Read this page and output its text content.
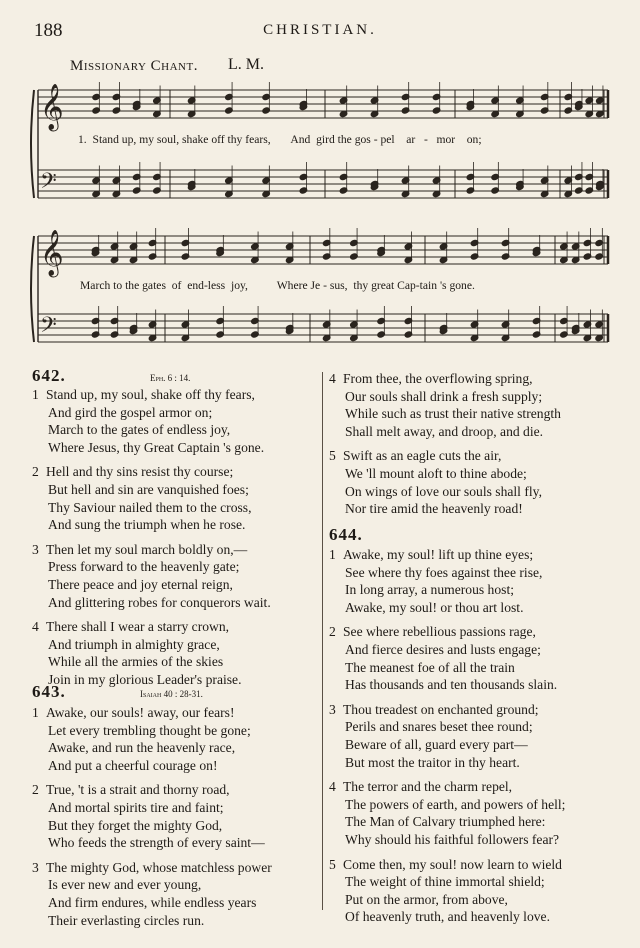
188	CHRISTIAN.
Missionary Chant. L. M.
𝄞
𝄢
𝄞
𝄢
1.  Stand up, my soul, shake off thy fears,       And  gird the gos - pel    ar   -   mor    on;
March to the gates  of  end-less  joy,          Where Je - sus,  thy great Cap-tain 's gone.
642.	Eph. 6 : 14.
1 Stand up, my soul, shake off thy fears,
And gird the gospel armor on;
March to the gates of endless joy,
Where Jesus, thy Great Captain 's gone.
2 Hell and thy sins resist thy course;
But hell and sin are vanquished foes;
Thy Saviour nailed them to the cross,
And sung the triumph when he rose.
3 Then let my soul march boldly on,—
Press forward to the heavenly gate;
There peace and joy eternal reign,
And glittering robes for conquerors wait.
4 There shall I wear a starry crown,
And triumph in almighty grace,
While all the armies of the skies
Join in my glorious Leader's praise.
643.	Isaiah 40 : 28-31.
1 Awake, our souls! away, our fears!
Let every trembling thought be gone;
Awake, and run the heavenly race,
And put a cheerful courage on!
2 True, 't is a strait and thorny road,
And mortal spirits tire and faint;
But they forget the mighty God,
Who feeds the strength of every saint—
3 The mighty God, whose matchless power
Is ever new and ever young,
And firm endures, while endless years
Their everlasting circles run.
4 From thee, the overflowing spring,
Our souls shall drink a fresh supply;
While such as trust their native strength
Shall melt away, and droop, and die.
5 Swift as an eagle cuts the air,
We 'll mount aloft to thine abode;
On wings of love our souls shall fly,
Nor tire amid the heavenly road!
644.
1 Awake, my soul! lift up thine eyes;
See where thy foes against thee rise,
In long array, a numerous host;
Awake, my soul! or thou art lost.
2 See where rebellious passions rage,
And fierce desires and lusts engage;
The meanest foe of all the train
Has thousands and ten thousands slain.
3 Thou treadest on enchanted ground;
Perils and snares beset thee round;
Beware of all, guard every part—
But most the traitor in thy heart.
4 The terror and the charm repel,
The powers of earth, and powers of hell;
The Man of Calvary triumphed here:
Why should his faithful followers fear?
5 Come then, my soul! now learn to wield
The weight of thine immortal shield;
Put on the armor, from above,
Of heavenly truth, and heavenly love.
